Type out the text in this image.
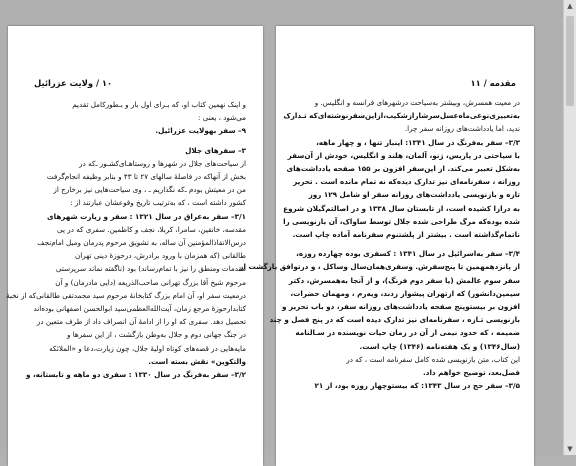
۱۰ / ولایت عزرائیل
و اینک نهمین کتاب او، که بـرای اول بار و بـطورکامل تقدیم
می‌شود ، یعنی :
۹– سفر بهولایت عزرائیل.
۳– سفرهای جلال
از سیاحت‌های جلال در شهرها و روستاهـای‌کشـور ـ‌که در
بخش از آنهاکه در فاصلهٔ سالهای ۲۷ تا ۴۳ و بنابر وظیفه انجام‌گرفت
من در معیتش بودم ـ‌که نگذاریم ـ ، وی سیاحت‌هایی نیز برخارج از
کشور داشته است ، که به‌ترتیب تاریخ وقوعشان عبارتند از :
۳/۱– سفر به‌عراق در سال ۱۳۲۱ : سفر و زیارت شهرهای
مقدسه، خانقین، سامرا، کربلا، نجف و کاظمین. سفری که در پی
درس‌الانقاذالمؤمنین آن ساله، به تشویق مرحوم پدرمان ومیل امام‌نجف
طالقانی (که همزمان با ورود برادرش، درحوزهٔ دینی تهران
مقدمات ومنطق را نیز با تمام‌رساند) بود (ناگفته نماند سرپرستی
مرحوم شیخ آقا بزرگ تهرانی صاحب‌الذریعه (دایی مادرمان) و آن
درمعیت سفر او، آن امام بزرگ کتابخانهٔ مرحوم سید محمدتقی طالقانی‌که از نخبهٔ
کتابدارحوزهٔ مرجع زمان، آیت‌الله‌العظمی‌سید ابوالحسن اصفهانی بوده‌اند
تحصیل دهد. سفری که او را از ادامهٔ آن انصراف داد از طرف متعین در
در جنگ جهانی دوم و جلال به‌وطن بازگشت ، از این سفرها و
مایه‌هایی در قصه‌های کوتاه اولیهٔ جلال، چون زیارت،دعا و «الملائکه
والتکوین» نقش بسته است.
۳/۲– سفر به‌فرنگ در سال ۱۳۳۰ : سفری دو ماهه و تابستانه، و
مقدمه / ۱۱
در معیت همسرش، وبیشتر به‌سیاحت درشهرهای فرانسه و انگلیس. و
به‌تعبیری‌نوعی‌ماه‌عسل‌سرشار‌از‌شکیب‌،‌ازاین‌سفرنوشته‌ای‌که‌ تـدارک
ندید، اما یادداشت‌های روزانه‌ سفر چرا.
۳/۳– سفر به‌فرنگ در سال ۱۳۴۱: اینبار تنها ، و چهار ماهه،
با سیاحتی در پاریس، ژنو، آلمان، هلند و انگلیس، خودش از آن‌سفر
به‌شکل تعبیر می‌کند. از این‌سفر افزون بر ۱۵۵ صفحه یادداشت‌های
روزانه ، سفرنامه‌ای نیز تدارک دیده‌که نه ‌تمام مانده است . تحریر
تازه و بازنویسی یادداشت‌های روزانه سفر او شامل ۱۲۹ روز
به درازا کشیده است، از تابستان سال ۱۳۳۸ و در اصالتم‌گیلان شروع
شده بوده‌که مرگ طراحی شده جلال توسط ساواک، آن بازنویسی را
ناتمام‌گذاشته است . بیشتر از پلشتنوم سفرنامه‌ آماده چاپ است.
۳/۴– سفر به‌اسرائیل در سال ۱۳۴۱ : کسفری بوده چهارده روزه،
از پانزدهمهمین تا پنج‌سفرش. وسفری‌همان‌سال وساکل ، و درتوافق بازگشت از
سفر سوم عالمش (یا سفر دوم فرنگ)، و از آنجا به‌همسرش، دکتر
سیمین‌دانشور) که ازتهران پیشواز زدند، ویه‌رم ، ومهمان حضرات،
افزون بر بیستوپنج صفحه یادداشت‌های روزانه سفر، دو باب تحریر و
بازنویسی تـازه ، سفرنامه‌ای نیز تدارک دیده است که در پنج فصل و چند
ضمیمه ، که حدود نیمی از آن در زمان حیات نویسنده در سـالنامه
(سال۱۳۴۶) و یک هفته‌نامه (۱۳۴۶) چاپ است.
این کتاب‌، متن بازنویسی شده ‌کامل سفرنامه است ، که در
فصل‌بعد، توضیح خواهم داد.
۳/۵– سفر حج در سال ۱۳۴۳: که بیستوچهار روزه بود، از ۲۱
▲
▼
